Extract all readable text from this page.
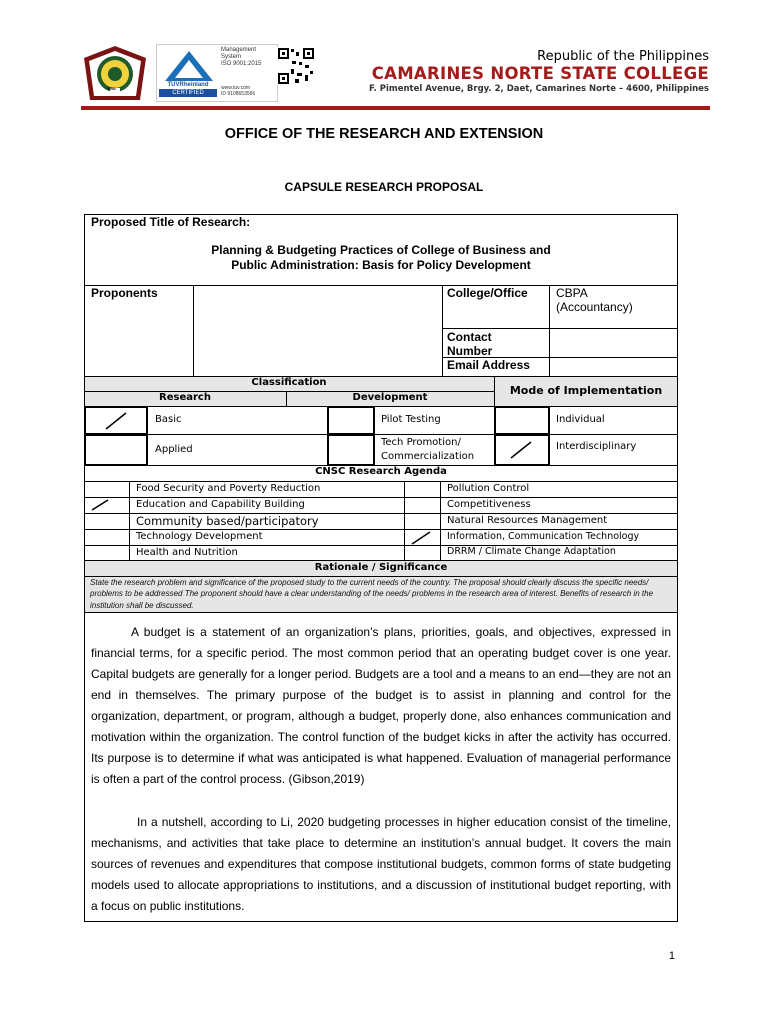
1992
TÜVRheinland
CERTIFIED
Management
System
ISO 9001:2015
www.tuv.com
ID 9108653566
Republic of the Philippines
CAMARINES NORTE STATE COLLEGE
F. Pimentel Avenue, Brgy. 2, Daet, Camarines Norte – 4600, Philippines
OFFICE OF THE RESEARCH AND EXTENSION
CAPSULE RESEARCH PROPOSAL
Proposed Title of Research:
Planning & Budgeting Practices of College of Business and
Public Administration: Basis for Policy Development
Proponents	College/Office CBPA
(Accountancy)
Contact
Number
Email Address
Classification
Research	Development
Mode of Implementation
Basic
Applied
Pilot Testing
Tech Promotion/
Commercialization
Individual
Interdisciplinary
CNSC Research Agenda
Food Security and Poverty Reduction
Education and Capability Building
Community based/participatory
Technology Development
Health and Nutrition
Pollution Control
Competitiveness
Natural Resources Management
Information, Communication Technology
DRRM / Climate Change Adaptation
Rationale / Significance
State the research problem and significance of the proposed study to the current needs of the country. The proposal should clearly discuss the specific needs/ problems to be addressed The proponent should have a clear understanding of the needs/ problems in the research area of interest. Benefits of research in the institution shall be discussed.
A budget is a statement of an organization’s plans, priorities, goals, and objectives, expressed in financial terms, for a specific period. The most common period that an operating budget cover is one year. Capital budgets are generally for a longer period. Budgets are a tool and a means to an end—they are not an end in themselves. The primary purpose of the budget is to assist in planning and control for the organization, department, or program, although a budget, properly done, also enhances communication and motivation within the organization. The control function of the budget kicks in after the activity has occurred. Its purpose is to determine if what was anticipated is what happened. Evaluation of managerial performance is often a part of the control process. (Gibson,2019)
In a nutshell, according to Li, 2020 budgeting processes in higher education consist of the timeline, mechanisms, and activities that take place to determine an institution’s annual budget. It covers the main sources of revenues and expenditures that compose institutional budgets, common forms of state budgeting models used to allocate appropriations to institutions, and a discussion of institutional budget reporting, with a focus on public institutions.
1
